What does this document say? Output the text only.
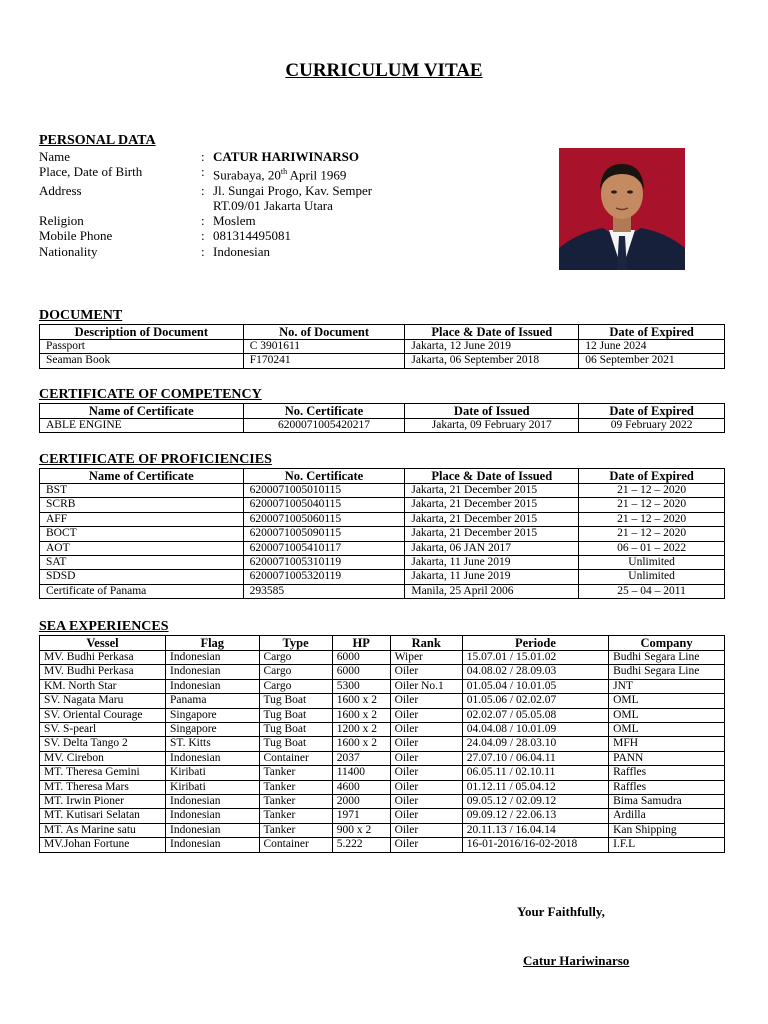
CURRICULUM VITAE
PERSONAL DATA
Name	: CATUR HARIWINARSO
Place, Date of Birth	: Surabaya, 20th April 1969
Address	: Jl. Sungai Progo, Kav. Semper
RT.09/01 Jakarta Utara
Religion	: Moslem
Mobile Phone	: 081314495081
Nationality	: Indonesian
DOCUMENT
Description of Document	No. of Document	Place & Date of Issued	Date of Expired
Passport	C 3901611	Jakarta, 12 June 2019	12 June 2024
Seaman Book	F170241	Jakarta, 06 September 2018	06 September 2021
CERTIFICATE OF COMPETENCY
Name of Certificate	No. Certificate	Date of Issued	Date of Expired
ABLE ENGINE	6200071005420217	Jakarta, 09 February 2017	09 February 2022
CERTIFICATE OF PROFICIENCIES
Name of Certificate	No. Certificate	Place & Date of Issued	Date of Expired
BST	6200071005010115	Jakarta, 21 December 2015	21 – 12 – 2020
SCRB	6200071005040115	Jakarta, 21 December 2015	21 – 12 – 2020
AFF	6200071005060115	Jakarta, 21 December 2015	21 – 12 – 2020
BOCT	6200071005090115	Jakarta, 21 December 2015	21 – 12 – 2020
AOT	6200071005410117	Jakarta, 06 JAN 2017	06 – 01 – 2022
SAT	6200071005310119	Jakarta, 11 June 2019	Unlimited
SDSD	6200071005320119	Jakarta, 11 June 2019	Unlimited
Certificate of Panama	293585	Manila, 25 April 2006	25 – 04 – 2011
SEA EXPERIENCES
Vessel	Flag	Type	HP	Rank	Periode	Company
MV. Budhi Perkasa	Indonesian	Cargo	6000	Wiper	15.07.01 / 15.01.02	Budhi Segara Line
MV. Budhi Perkasa	Indonesian	Cargo	6000	Oiler	04.08.02 / 28.09.03	Budhi Segara Line
KM. North Star	Indonesian	Cargo	5300	Oiler No.1	01.05.04 / 10.01.05	JNT
SV. Nagata Maru	Panama	Tug Boat	1600 x 2	Oiler	01.05.06 / 02.02.07	OML
SV. Oriental Courage	Singapore	Tug Boat	1600 x 2	Oiler	02.02.07 / 05.05.08	OML
SV. S-pearl	Singapore	Tug Boat	1200 x 2	Oiler	04.04.08 / 10.01.09	OML
SV. Delta Tango 2	ST. Kitts	Tug Boat	1600 x 2	Oiler	24.04.09 / 28.03.10	MFH
MV. Cirebon	Indonesian	Container	2037	Oiler	27.07.10 / 06.04.11	PANN
MT. Theresa Gemini	Kiribati	Tanker	11400	Oiler	06.05.11 / 02.10.11	Raffles
MT. Theresa Mars	Kiribati	Tanker	4600	Oiler	01.12.11 / 05.04.12	Raffles
MT. Irwin Pioner	Indonesian	Tanker	2000	Oiler	09.05.12 / 02.09.12	Bima Samudra
MT. Kutisari Selatan	Indonesian	Tanker	1971	Oiler	09.09.12 / 22.06.13	Ardilla
MT. As Marine satu	Indonesian	Tanker	900 x 2	Oiler	20.11.13 / 16.04.14	Kan Shipping
MV.Johan Fortune	Indonesian	Container	5.222	Oiler	16-01-2016/16-02-2018	I.F.L
Your Faithfully,
Catur Hariwinarso
